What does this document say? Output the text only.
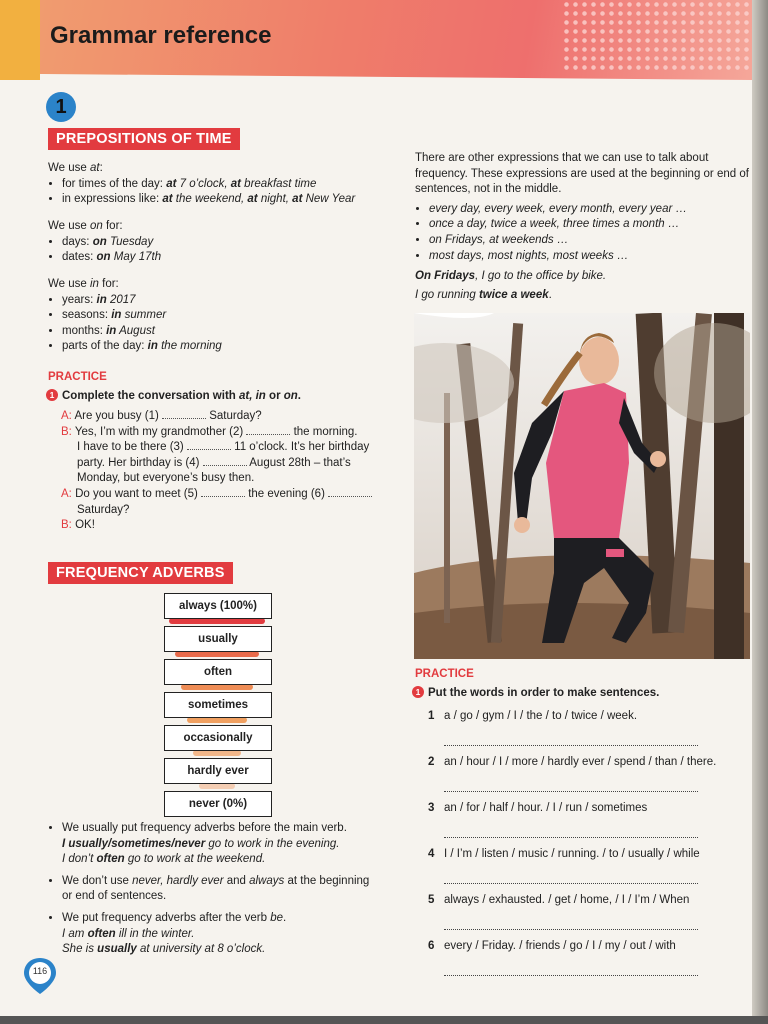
Grammar reference
1
PREPOSITIONS OF TIME
We use at:
• for times of the day: at 7 o’clock, at breakfast time
• in expressions like: at the weekend, at night, at New Year
We use on for:
• days: on Tuesday
• dates: on May 17th
We use in for:
• years: in 2017
• seasons: in summer
• months: in August
• parts of the day: in the morning
PRACTICE
1 Complete the conversation with at, in or on.
A: Are you busy (1)	Saturday?
B: Yes, I’m with my grandmother (2)	the morning.
I have to be there (3)	11 o’clock. It’s her birthday
party. Her birthday is (4)	August 28th – that’s
Monday, but everyone’s busy then.
A: Do you want to meet (5)	the evening (6)
Saturday?
B: OK!
FREQUENCY ADVERBS
always (100%)
usually
often
sometimes
occasionally
hardly ever
never (0%)
• We usually put frequency adverbs before the main verb.
I usually/sometimes/never go to work in the evening.
I don’t often go to work at the weekend.
• We don’t use never, hardly ever and always at the beginning
or end of sentences.
• We put frequency adverbs after the verb be.
I am often ill in the winter.
She is usually at university at 8 o’clock.
There are other expressions that we can use to talk about frequency. These expressions are used at the beginning or end of sentences, not in the middle.
• every day, every week, every month, every year …
• once a day, twice a week, three times a month …
• on Fridays, at weekends …
• most days, most nights, most weeks …
On Fridays, I go to the office by bike.
I go running twice a week.
PRACTICE
1 Put the words in order to make sentences.
1 a / go / gym / I / the / to / twice / week.
2 an / hour / I / more / hardly ever / spend / than / there.
3 an / for / half / hour. / I / run / sometimes
4 I / I’m / listen / music / running. / to / usually / while
5 always / exhausted. / get / home, / I / I’m / When
6 every / Friday. / friends / go / I / my / out / with
116
